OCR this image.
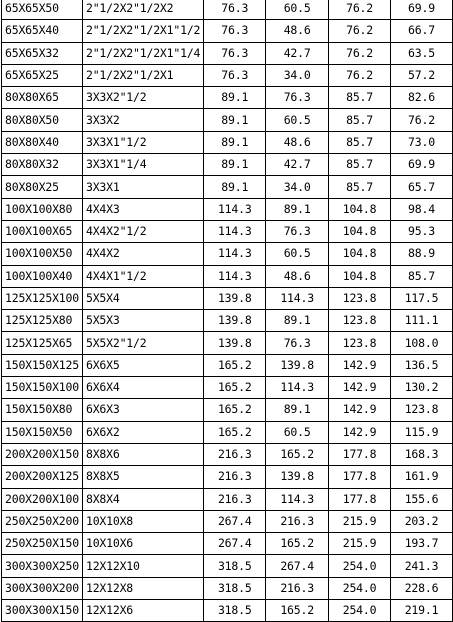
65X65X50	2"1/2X2"1/2X2	76.3	60.5	76.2	69.9
65X65X40	2"1/2X2"1/2X1"1/2	76.3	48.6	76.2	66.7
65X65X32	2"1/2X2"1/2X1"1/4	76.3	42.7	76.2	63.5
65X65X25	2"1/2X2"1/2X1	76.3	34.0	76.2	57.2
80X80X65	3X3X2"1/2	89.1	76.3	85.7	82.6
80X80X50	3X3X2	89.1	60.5	85.7	76.2
80X80X40	3X3X1"1/2	89.1	48.6	85.7	73.0
80X80X32	3X3X1"1/4	89.1	42.7	85.7	69.9
80X80X25	3X3X1	89.1	34.0	85.7	65.7
100X100X80	4X4X3	114.3	89.1	104.8	98.4
100X100X65	4X4X2"1/2	114.3	76.3	104.8	95.3
100X100X50	4X4X2	114.3	60.5	104.8	88.9
100X100X40	4X4X1"1/2	114.3	48.6	104.8	85.7
125X125X100	5X5X4	139.8	114.3	123.8	117.5
125X125X80	5X5X3	139.8	89.1	123.8	111.1
125X125X65	5X5X2"1/2	139.8	76.3	123.8	108.0
150X150X125	6X6X5	165.2	139.8	142.9	136.5
150X150X100	6X6X4	165.2	114.3	142.9	130.2
150X150X80	6X6X3	165.2	89.1	142.9	123.8
150X150X50	6X6X2	165.2	60.5	142.9	115.9
200X200X150	8X8X6	216.3	165.2	177.8	168.3
200X200X125	8X8X5	216.3	139.8	177.8	161.9
200X200X100	8X8X4	216.3	114.3	177.8	155.6
250X250X200	10X10X8	267.4	216.3	215.9	203.2
250X250X150	10X10X6	267.4	165.2	215.9	193.7
300X300X250	12X12X10	318.5	267.4	254.0	241.3
300X300X200	12X12X8	318.5	216.3	254.0	228.6
300X300X150	12X12X6	318.5	165.2	254.0	219.1
